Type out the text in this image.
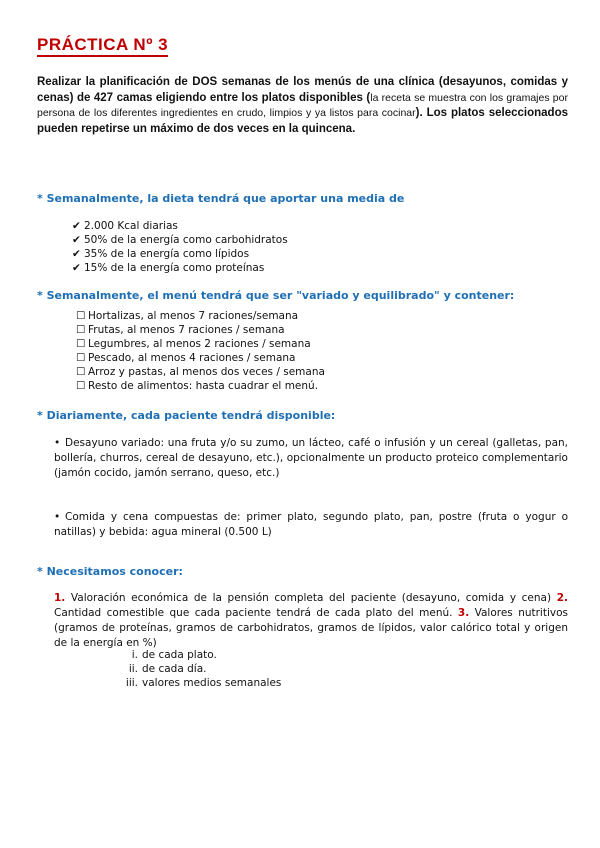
PRÁCTICA Nº 3
Realizar la planificación de DOS semanas de los menús de una clínica (desayunos, comidas y cenas) de 427 camas eligiendo entre los platos disponibles (la receta se muestra con los gramajes por persona de los diferentes ingredientes en crudo, limpios y ya listos para cocinar). Los platos seleccionados pueden repetirse un máximo de dos veces en la quincena.
* Semanalmente, la dieta tendrá que aportar una media de
✔ 2.000 Kcal diarias
✔ 50% de la energía como carbohidratos
✔ 35% de la energía como lípidos
✔ 15% de la energía como proteínas
* Semanalmente, el menú tendrá que ser "variado y equilibrado" y contener:
☐ Hortalizas, al menos 7 raciones/semana
☐ Frutas, al menos 7 raciones / semana
☐ Legumbres, al menos 2 raciones / semana
☐ Pescado, al menos 4 raciones / semana
☐ Arroz y pastas, al menos dos veces / semana
☐ Resto de alimentos: hasta cuadrar el menú.
* Diariamente, cada paciente tendrá disponible:
• Desayuno variado: una fruta y/o su zumo, un lácteo, café o infusión y un cereal (galletas, pan, bollería, churros, cereal de desayuno, etc.), opcionalmente un producto proteico complementario (jamón cocido, jamón serrano, queso, etc.)
• Comida y cena compuestas de: primer plato, segundo plato, pan, postre (fruta o yogur o natillas) y bebida: agua mineral (0.500 L)
* Necesitamos conocer:
1. Valoración económica de la pensión completa del paciente (desayuno, comida y cena) 2. Cantidad comestible que cada paciente tendrá de cada plato del menú. 3. Valores nutritivos (gramos de proteínas, gramos de carbohidratos, gramos de lípidos, valor calórico total y origen de la energía en %)
i. de cada plato.
ii. de cada día.
iii. valores medios semanales
